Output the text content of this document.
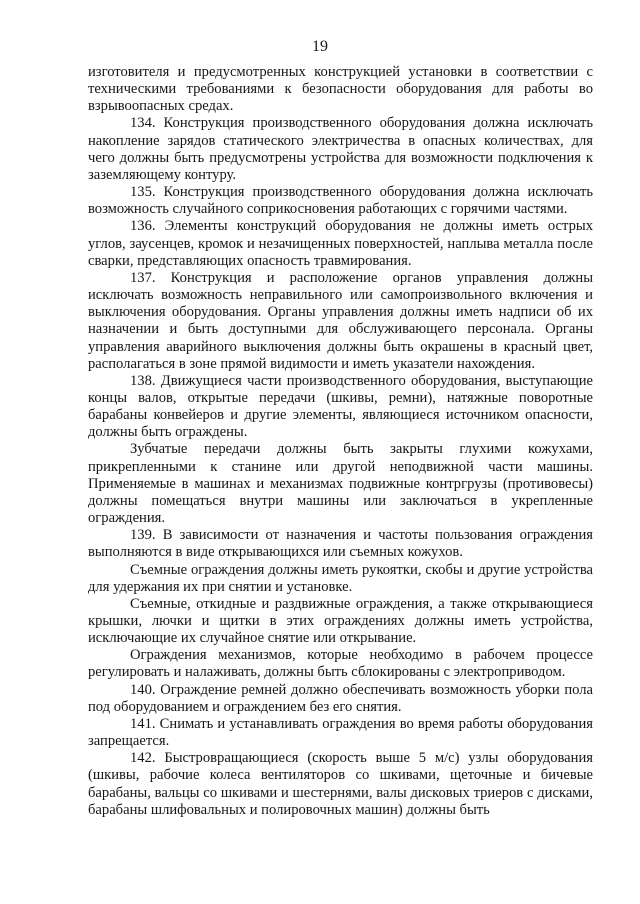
19

изготовителя и предусмотренных конструкцией установки в соответствии с техническими требованиями к безопасности оборудования для работы во взрывоопасных средах.

134. Конструкция производственного оборудования должна исключать накопление зарядов статического электричества в опасных количествах, для чего должны быть предусмотрены устройства для возможности подключения к заземляющему контуру.

135. Конструкция производственного оборудования должна исключать возможность случайного соприкосновения работающих с горячими частями.

136. Элементы конструкций оборудования не должны иметь острых углов, заусенцев, кромок и незачищенных поверхностей, наплыва металла после сварки, представляющих опасность травмирования.

137. Конструкция и расположение органов управления должны исключать возможность неправильного или самопроизвольного включения и выключения оборудования. Органы управления должны иметь надписи об их назначении и быть доступными для обслуживающего персонала. Органы управления аварийного выключения должны быть окрашены в красный цвет, располагаться в зоне прямой видимости и иметь указатели нахождения.

138. Движущиеся части производственного оборудования, выступающие концы валов, открытые передачи (шкивы, ремни), натяжные поворотные барабаны конвейеров и другие элементы, являющиеся источником опасности, должны быть ограждены.

Зубчатые передачи должны быть закрыты глухими кожухами, прикрепленными к станине или другой неподвижной части машины. Применяемые в машинах и механизмах подвижные контргрузы (противовесы) должны помещаться внутри машины или заключаться в укрепленные ограждения.

139. В зависимости от назначения и частоты пользования ограждения выполняются в виде открывающихся или съемных кожухов.

Съемные ограждения должны иметь рукоятки, скобы и другие устройства для удержания их при снятии и установке.

Съемные, откидные и раздвижные ограждения, а также открывающиеся крышки, лючки и щитки в этих ограждениях должны иметь устройства, исключающие их случайное снятие или открывание.

Ограждения механизмов, которые необходимо в рабочем процессе регулировать и налаживать, должны быть сблокированы с электроприводом.

140. Ограждение ремней должно обеспечивать возможность уборки пола под оборудованием и ограждением без его снятия.

141. Снимать и устанавливать ограждения во время работы оборудования запрещается.

142. Быстровращающиеся (скорость выше 5 м/с) узлы оборудования (шкивы, рабочие колеса вентиляторов со шкивами, щеточные и бичевые барабаны, вальцы со шкивами и шестернями, валы дисковых триеров с дисками, барабаны шлифовальных и полировочных машин) должны быть
